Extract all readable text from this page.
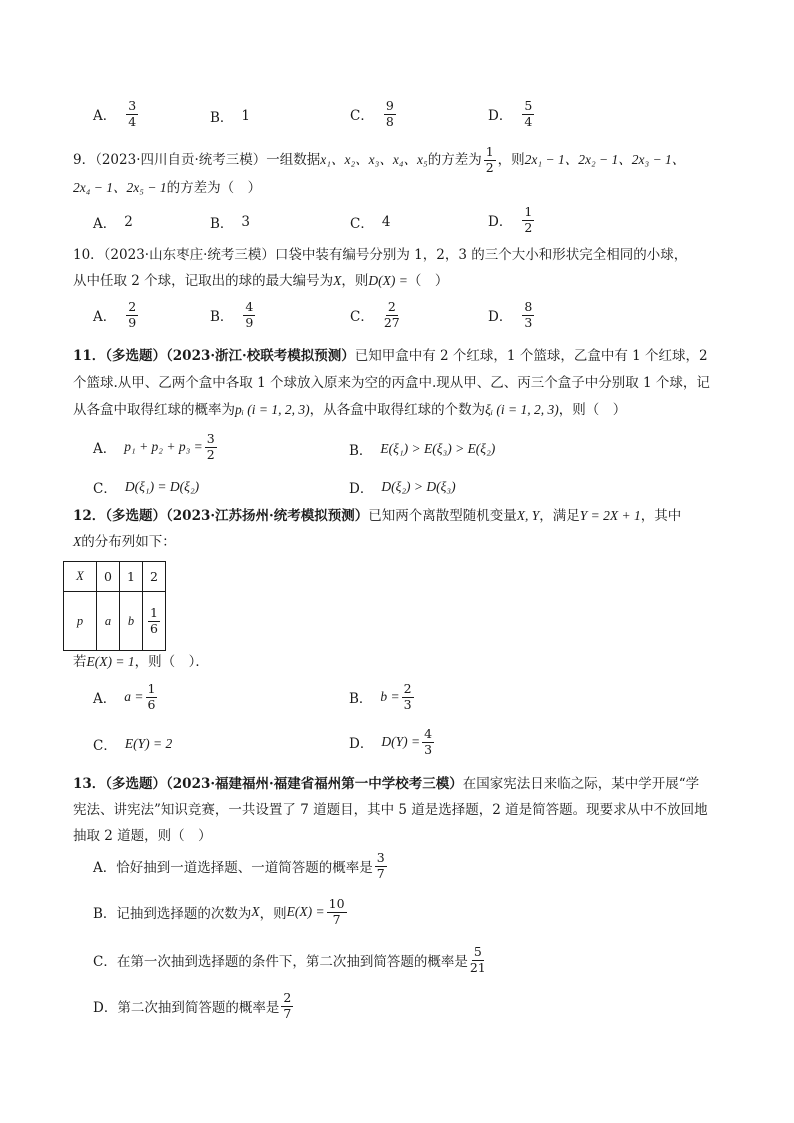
A． $\frac{3}{4}$	B． 1	C． $\frac{9}{8}$	D． $\frac{5}{4}$
9．（2023·四川自贡·统考三模）一组数据 x₁、x₂、x₃、x₄、x₅ 的方差为 $\frac{1}{2}$ ，则 2x₁ − 1、2x₂ − 1、2x₃ − 1、
2x₄ − 1、2x₅ − 1的方差为（　）
A． 2	B． 3	C． 4	D． $\frac{1}{2}$
10．（2023·山东枣庄·统考三模）口袋中装有编号分别为 1，2，3 的三个大小和形状完全相同的小球，
从中任取 2 个球，记取出的球的最大编号为X，则D(X) =（　）
A． $\frac{2}{9}$	B． $\frac{4}{9}$	C． $\frac{2}{27}$	D． $\frac{8}{3}$
11．（多选题）（2023·浙江·校联考模拟预测）已知甲盒中有 2 个红球，1 个篮球，乙盒中有 1 个红球，2
个篮球.从甲、乙两个盒中各取 1 个球放入原来为空的丙盒中.现从甲、乙、丙三个盒子中分别取 1 个球，记
从各盒中取得红球的概率为pᵢ (i = 1, 2, 3)，从各盒中取得红球的个数为ξᵢ (i = 1, 2, 3)，则（　）
A． $p_1 + p_2 + p_3 = \frac{3}{2}$	B． E(ξ₁) > E(ξ₃) > E(ξ₂)
C． D(ξ₁) = D(ξ₂)	D． D(ξ₂) > D(ξ₃)
12．（多选题）（2023·江苏扬州·统考模拟预测）已知两个离散型随机变量X, Y，满足Y = 2X + 1，其中
X的分布列如下：
X	0	1	2
p	a	b	$\frac{1}{6}$
若E(X) = 1，则（　）．
A． $a = \frac{1}{6}$	B． $b = \frac{2}{3}$
C． E(Y) = 2	D． $D(Y) = \frac{4}{3}$
13．（多选题）（2023·福建福州·福建省福州第一中学校考三模）在国家宪法日来临之际，某中学开展“学
宪法、讲宪法”知识竞赛，一共设置了 7 道题目，其中 5 道是选择题，2 道是简答题。现要求从中不放回地
抽取 2 道题，则（　）
A．恰好抽到一道选择题、一道简答题的概率是 $\frac{3}{7}$
B．记抽到选择题的次数为 X ，则 $E(X) = \frac{10}{7}$
C．在第一次抽到选择题的条件下，第二次抽到简答题的概率是 $\frac{5}{21}$
D．第二次抽到简答题的概率是 $\frac{2}{7}$
